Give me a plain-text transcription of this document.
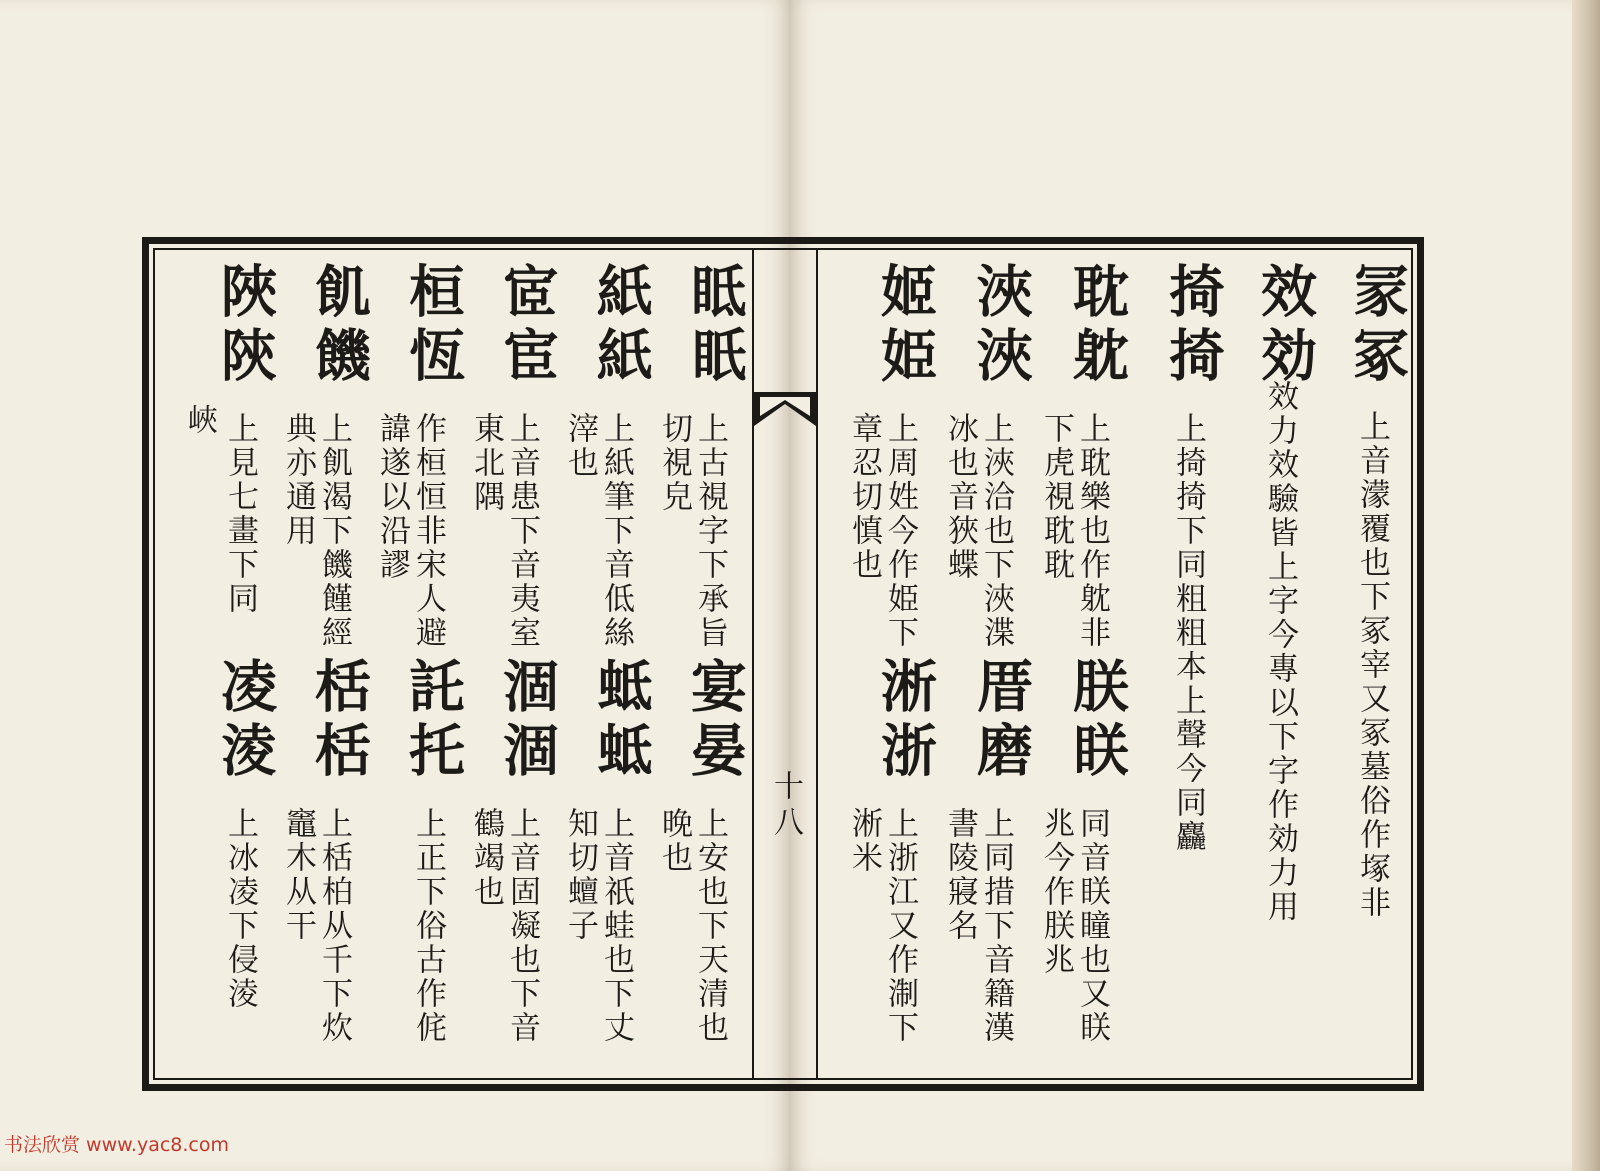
十八
冡冢
上音濛覆也下冢宰又冢墓俗作塚非
效効
效力效驗皆上字今專以下字作効力用
掎掎
上掎掎下同粗粗本上聲今同麤
耽躭
上耽樂也作躭非下虎視耽耽
浹浹
上浹洽也下浹渫冰也音狹蝶
姬姫
上周姓今作姫下章忍切慎也
朕眹
同音眹瞳也又眹兆今作朕兆
厝磨
上同措下音籍漢書陵寢名
淅浙
上浙江又作淛下淅米
眡眂
上古視字下承旨切視皃
紙紙
上紙筆下音低絲滓也
宧宦
上音患下音夷室東北隅
桓恆
作桓恒非宋人避諱遂以沿謬
飢饑
上飢渴下饑饉經典亦通用
陜陝
上見七畫下同
峽
宴晏
上安也下天清也晚也
蚳蚳
上音祇蛙也下丈知切蟺子
涸涸
上音固凝也下音鶴竭也
託托
上正下俗古作侂
栝栝
上栝柏从千下炊竈木从干
凌淩
上冰凌下侵淩
书法欣赏 www.yac8.com
